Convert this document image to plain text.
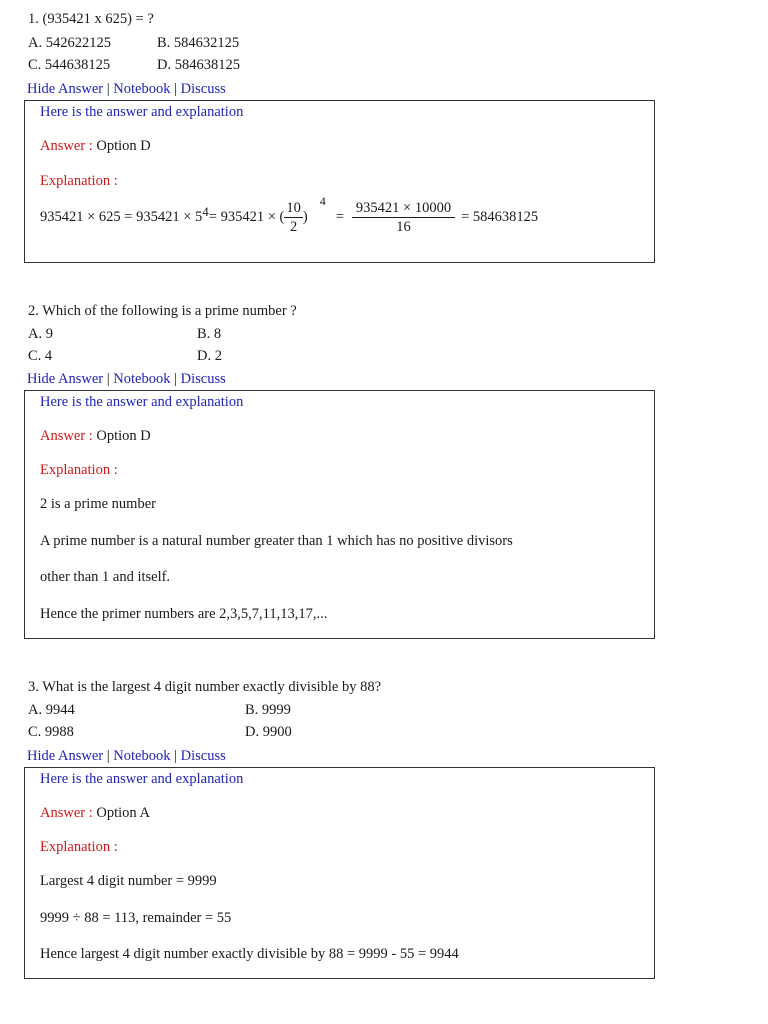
1. (935421 x 625) = ?
A. 542622125	B. 584632125
C. 544638125	D. 584638125
Hide Answer | Notebook | Discuss
Here is the answer and explanation
Answer : Option D
Explanation :
$935421 \times 625 = 935421 \times 5^4 = 935421$ × ( $\frac{10}{2}$ )
4
= $\frac{935421 \times 10000}{16} = 584638125$
2. Which of the following is a prime number ?
A. 9	B. 8
C. 4	D. 2
Hide Answer | Notebook | Discuss
Here is the answer and explanation
Answer : Option D
Explanation :
2 is a prime number
A prime number is a natural number greater than 1 which has no positive divisors
other than 1 and itself.
Hence the primer numbers are 2,3,5,7,11,13,17,...
3. What is the largest 4 digit number exactly divisible by 88?
A. 9944	B. 9999
C. 9988	D. 9900
Hide Answer | Notebook | Discuss
Here is the answer and explanation
Answer : Option A
Explanation :
Largest 4 digit number = 9999
9999 ÷ 88 = 113, remainder = 55
Hence largest 4 digit number exactly divisible by 88 = 9999 - 55 = 9944
